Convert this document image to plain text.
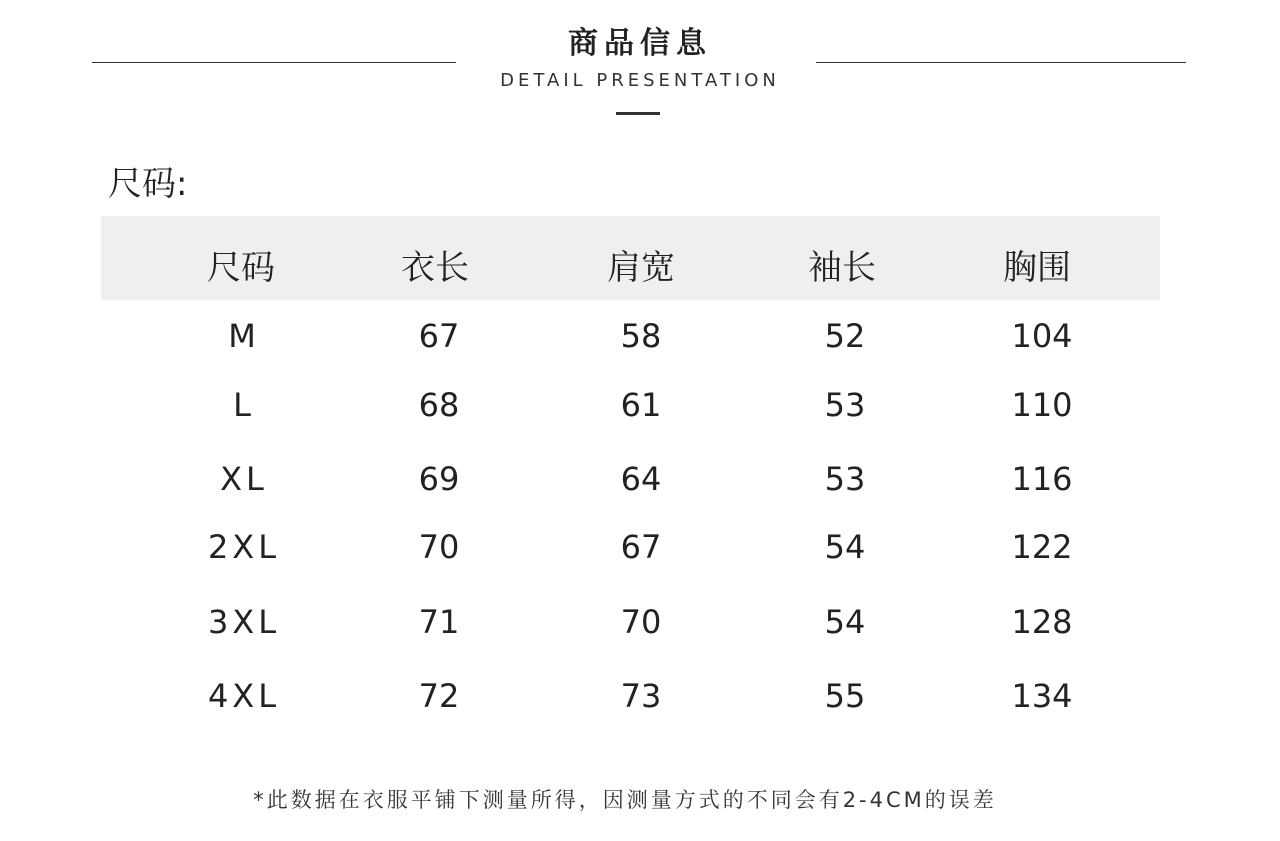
商品信息
DETAIL PRESENTATION
尺码:
尺码	衣长	肩宽	袖长	胸围
M	67	58	52	104
L	68	61	53	110
XL	69	64	53	116
2XL	70	67	54	122
3XL	71	70	54	128
4XL	72	73	55	134
*此数据在衣服平铺下测量所得，因测量方式的不同会有2-4CM的误差
